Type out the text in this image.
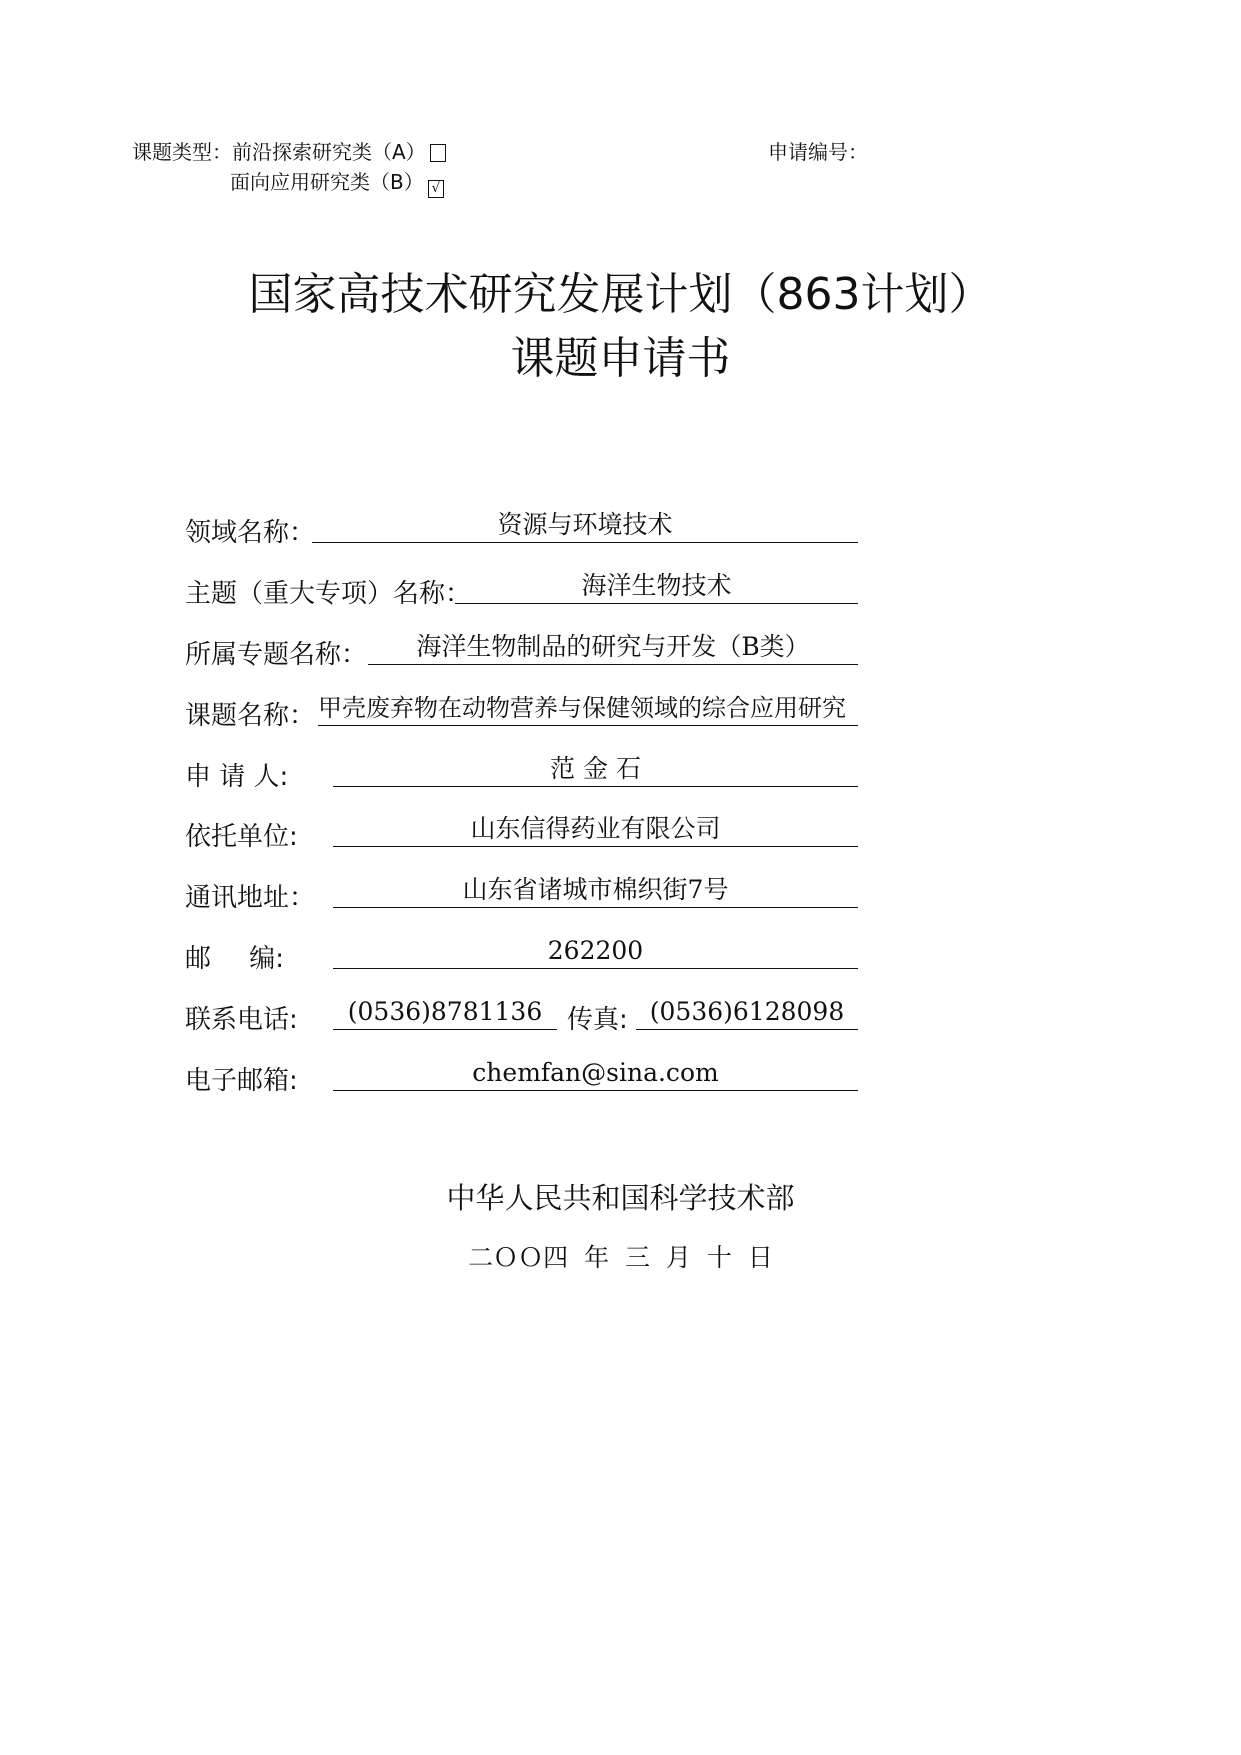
课题类型：前沿探索研究类（A）
面向应用研究类（B） √
申请编号：
国家高技术研究发展计划（863计划）
课题申请书
领域名称：	资源与环境技术
主题（重大专项）名称：	海洋生物技术
所属专题名称：	海洋生物制品的研究与开发（B类）
课题名称： 甲壳废弃物在动物营养与保健领域的综合应用研究
申 请 人:	范 金 石
依托单位:	山东信得药业有限公司
通讯地址：	山东省诸城市棉织街7号
邮 编:	262200
联系电话:	(0536)8781136 传真: (0536)6128098
电子邮箱:	chemfan@sina.com
中华人民共和国科学技术部
二ＯＯ四 年 三 月 十 日
